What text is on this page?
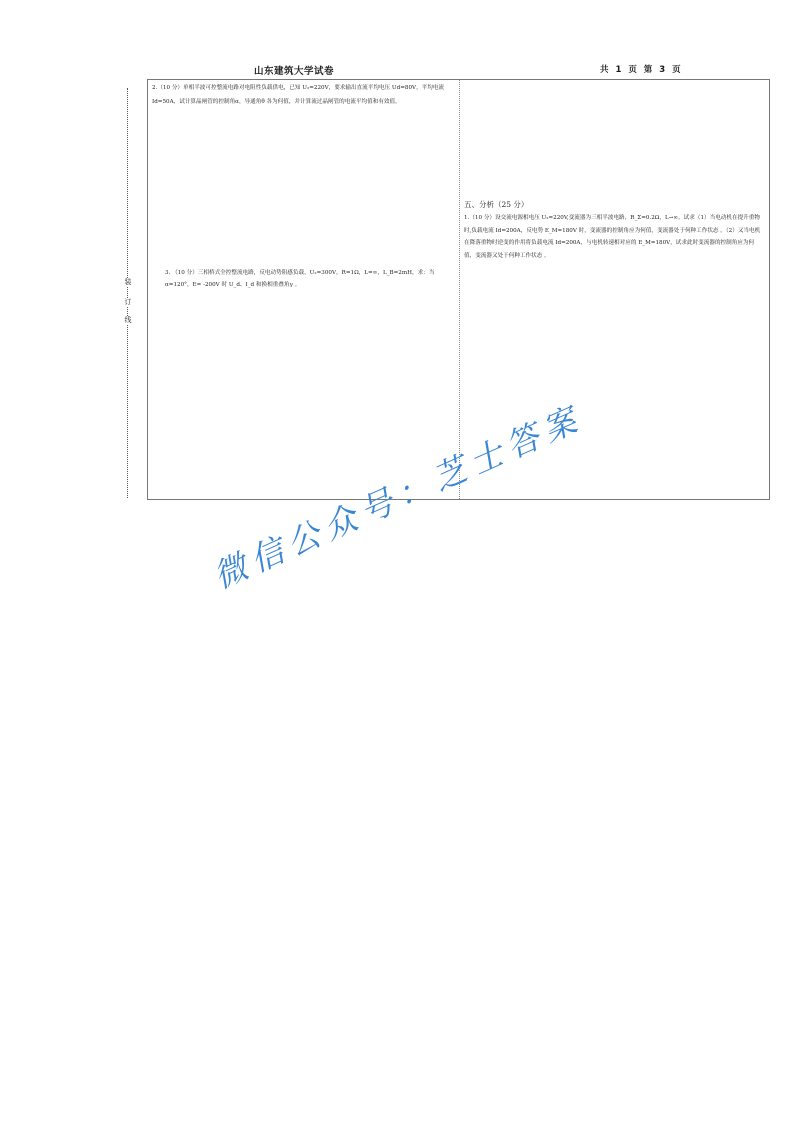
山东建筑大学试卷	共 1 页 第 3 页
装
订
线
2.（10 分）单相半波可控整流电路对电阻性负载供电，已知 U₂=220V，要求输出直流平均电压 Ud=80V，平均电流 Id=50A，试计算晶闸管的控制角α，导通角θ 各为何值，并计算流过晶闸管的电流平均值和有效值。
3. （10 分）三相桥式全控整流电路，反电动势阻感负载，U₂=300V，R=1Ω，L=∞，L_B=2mH，求：当 α=120°，E= -200V 时 U_d、I_d 和换相重叠角γ 。
五、分析（25 分）
1.（10 分）设交流电源相电压 U₂=220V,变流器为三相半波电路，R_Σ=0.2Ω，L→∞。试求（1）当电动机在提升重物时,负载电流 Id=200A，反电势 E_M=180V 时，变流器的控制角应为何值，变流器处于何种工作状态 。（2）又当电机在降落重物时逆变的作用将负载电流 Id=200A，与电机转速相对应的 E_M=180V，试求此时变流器的控制角应为何值，变流器又处于何种工作状态 。
微信公众号：芝士答案
